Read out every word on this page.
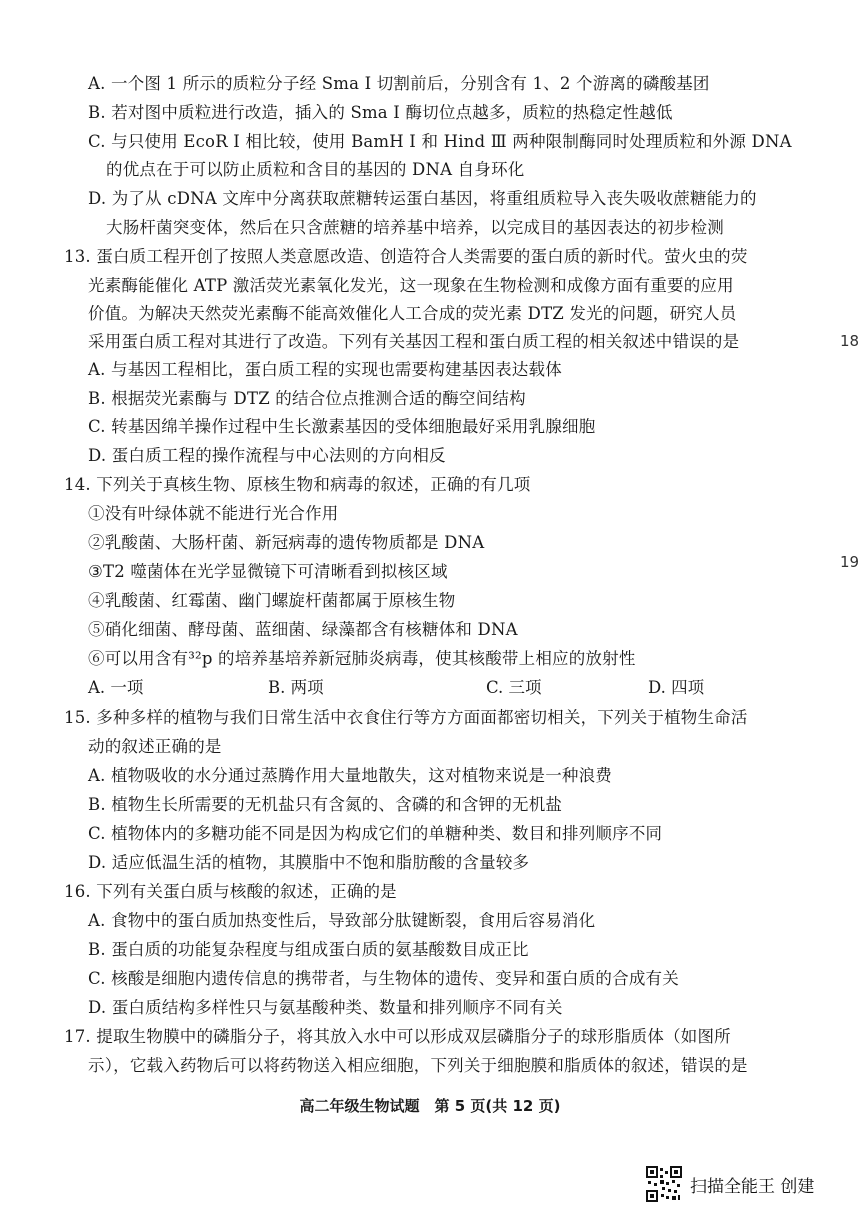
A. 一个图 1 所示的质粒分子经 Sma Ⅰ 切割前后，分别含有 1、2 个游离的磷酸基团
B. 若对图中质粒进行改造，插入的 Sma Ⅰ 酶切位点越多，质粒的热稳定性越低
C. 与只使用 EcoR Ⅰ 相比较，使用 BamH Ⅰ 和 Hind Ⅲ 两种限制酶同时处理质粒和外源 DNA
的优点在于可以防止质粒和含目的基因的 DNA 自身环化
D. 为了从 cDNA 文库中分离获取蔗糖转运蛋白基因，将重组质粒导入丧失吸收蔗糖能力的
大肠杆菌突变体，然后在只含蔗糖的培养基中培养，以完成目的基因表达的初步检测
13. 蛋白质工程开创了按照人类意愿改造、创造符合人类需要的蛋白质的新时代。萤火虫的荧
光素酶能催化 ATP 激活荧光素氧化发光，这一现象在生物检测和成像方面有重要的应用
价值。为解决天然荧光素酶不能高效催化人工合成的荧光素 DTZ 发光的问题，研究人员
采用蛋白质工程对其进行了改造。下列有关基因工程和蛋白质工程的相关叙述中错误的是
A. 与基因工程相比，蛋白质工程的实现也需要构建基因表达载体
B. 根据荧光素酶与 DTZ 的结合位点推测合适的酶空间结构
C. 转基因绵羊操作过程中生长激素基因的受体细胞最好采用乳腺细胞
D. 蛋白质工程的操作流程与中心法则的方向相反
14. 下列关于真核生物、原核生物和病毒的叙述，正确的有几项
①没有叶绿体就不能进行光合作用
②乳酸菌、大肠杆菌、新冠病毒的遗传物质都是 DNA
③T2 噬菌体在光学显微镜下可清晰看到拟核区域
④乳酸菌、红霉菌、幽门螺旋杆菌都属于原核生物
⑤硝化细菌、酵母菌、蓝细菌、绿藻都含有核糖体和 DNA
⑥可以用含有³²p 的培养基培养新冠肺炎病毒，使其核酸带上相应的放射性
A. 一项	B. 两项	C. 三项	D. 四项
15. 多种多样的植物与我们日常生活中衣食住行等方方面面都密切相关，下列关于植物生命活
动的叙述正确的是
A. 植物吸收的水分通过蒸腾作用大量地散失，这对植物来说是一种浪费
B. 植物生长所需要的无机盐只有含氮的、含磷的和含钾的无机盐
C. 植物体内的多糖功能不同是因为构成它们的单糖种类、数目和排列顺序不同
D. 适应低温生活的植物，其膜脂中不饱和脂肪酸的含量较多
16. 下列有关蛋白质与核酸的叙述，正确的是
A. 食物中的蛋白质加热变性后，导致部分肽键断裂，食用后容易消化
B. 蛋白质的功能复杂程度与组成蛋白质的氨基酸数目成正比
C. 核酸是细胞内遗传信息的携带者，与生物体的遗传、变异和蛋白质的合成有关
D. 蛋白质结构多样性只与氨基酸种类、数量和排列顺序不同有关
17. 提取生物膜中的磷脂分子，将其放入水中可以形成双层磷脂分子的球形脂质体（如图所
示），它载入药物后可以将药物送入相应细胞，下列关于细胞膜和脂质体的叙述，错误的是
18
19
高二年级生物试题　第 5 页(共 12 页)
扫描全能王 创建
